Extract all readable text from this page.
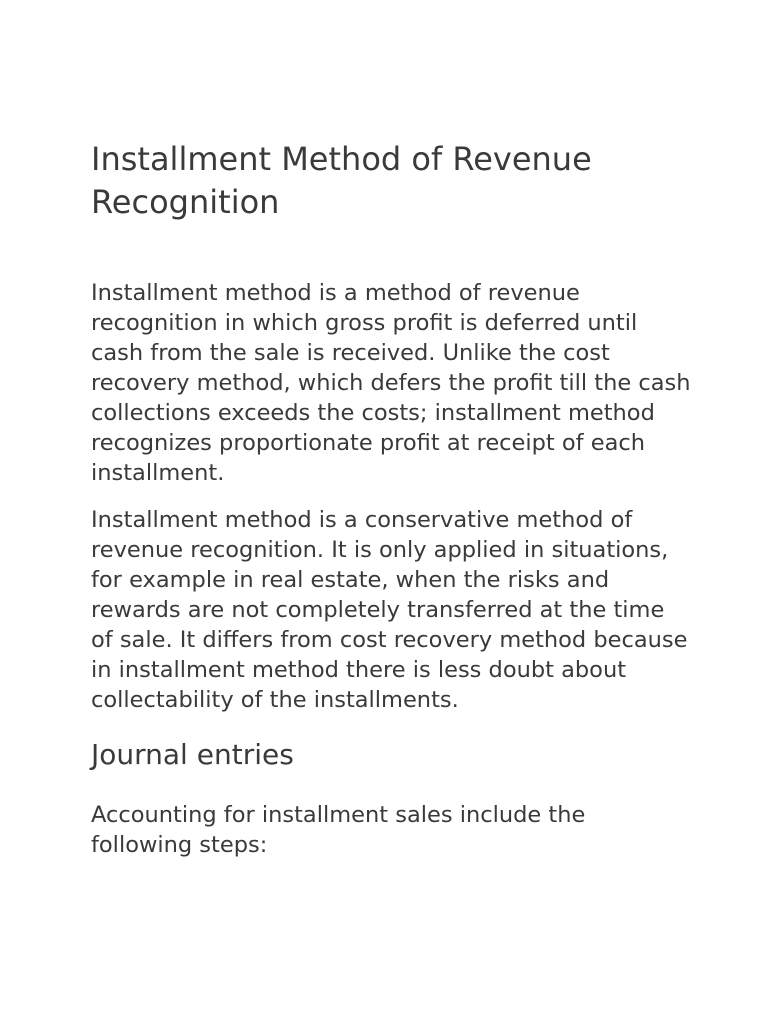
Installment Method of Revenue Recognition

Installment method is a method of revenue recognition in which gross profit is deferred until cash from the sale is received. Unlike the cost recovery method, which defers the profit till the cash collections exceeds the costs; installment method recognizes proportionate profit at receipt of each installment.

Installment method is a conservative method of revenue recognition. It is only applied in situations, for example in real estate, when the risks and rewards are not completely transferred at the time of sale. It differs from cost recovery method because in installment method there is less doubt about collectability of the installments.

Journal entries

Accounting for installment sales include the following steps:
